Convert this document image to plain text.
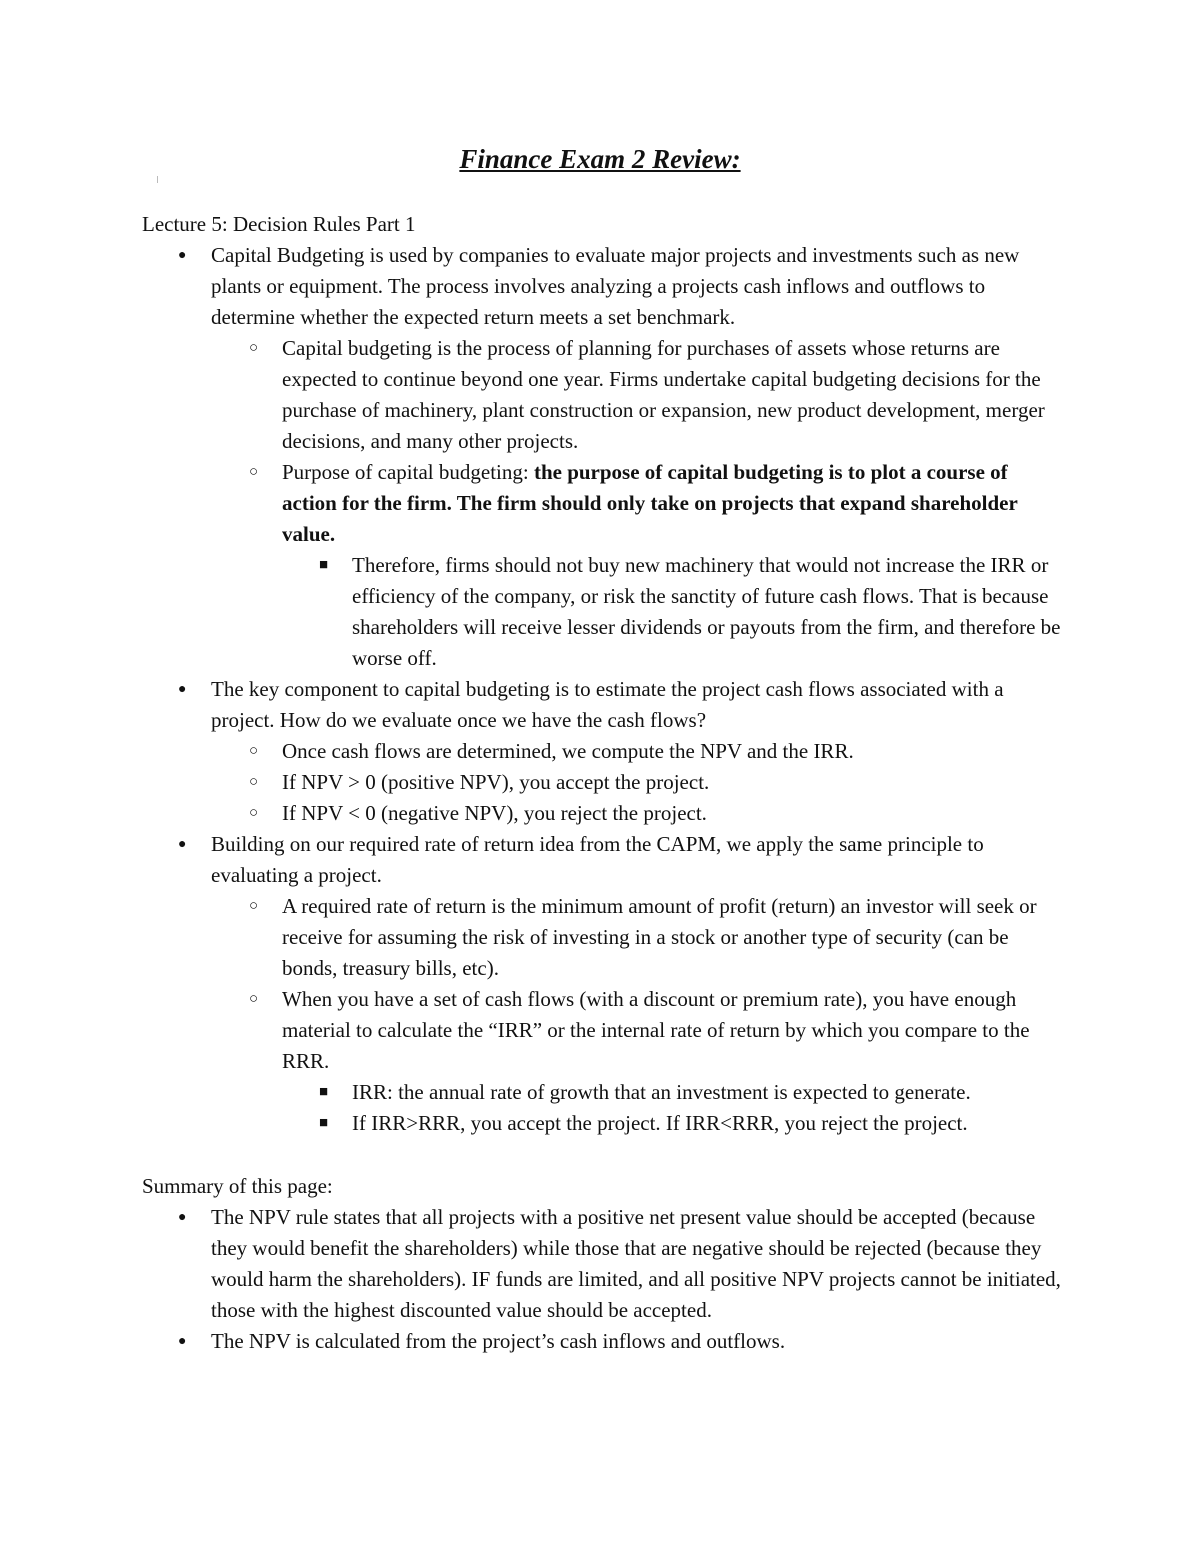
Finance Exam 2 Review:

Lecture 5: Decision Rules Part 1

● Capital Budgeting is used by companies to evaluate major projects and investments such as new plants or equipment. The process involves analyzing a projects cash inflows and outflows to determine whether the expected return meets a set benchmark.
○ Capital budgeting is the process of planning for purchases of assets whose returns are expected to continue beyond one year. Firms undertake capital budgeting decisions for the purchase of machinery, plant construction or expansion, new product development, merger decisions, and many other projects.
○ Purpose of capital budgeting: the purpose of capital budgeting is to plot a course of action for the firm. The firm should only take on projects that expand shareholder value.
■ Therefore, firms should not buy new machinery that would not increase the IRR or efficiency of the company, or risk the sanctity of future cash flows. That is because shareholders will receive lesser dividends or payouts from the firm, and therefore be worse off.
● The key component to capital budgeting is to estimate the project cash flows associated with a project. How do we evaluate once we have the cash flows?
○ Once cash flows are determined, we compute the NPV and the IRR.
○ If NPV > 0 (positive NPV), you accept the project.
○ If NPV < 0 (negative NPV), you reject the project.
● Building on our required rate of return idea from the CAPM, we apply the same principle to evaluating a project.
○ A required rate of return is the minimum amount of profit (return) an investor will seek or receive for assuming the risk of investing in a stock or another type of security (can be bonds, treasury bills, etc).
○ When you have a set of cash flows (with a discount or premium rate), you have enough material to calculate the “IRR” or the internal rate of return by which you compare to the RRR.
■ IRR: the annual rate of growth that an investment is expected to generate.
■ If IRR>RRR, you accept the project. If IRR<RRR, you reject the project.

Summary of this page:

● The NPV rule states that all projects with a positive net present value should be accepted (because they would benefit the shareholders) while those that are negative should be rejected (because they would harm the shareholders). IF funds are limited, and all positive NPV projects cannot be initiated, those with the highest discounted value should be accepted.
● The NPV is calculated from the project’s cash inflows and outflows.
